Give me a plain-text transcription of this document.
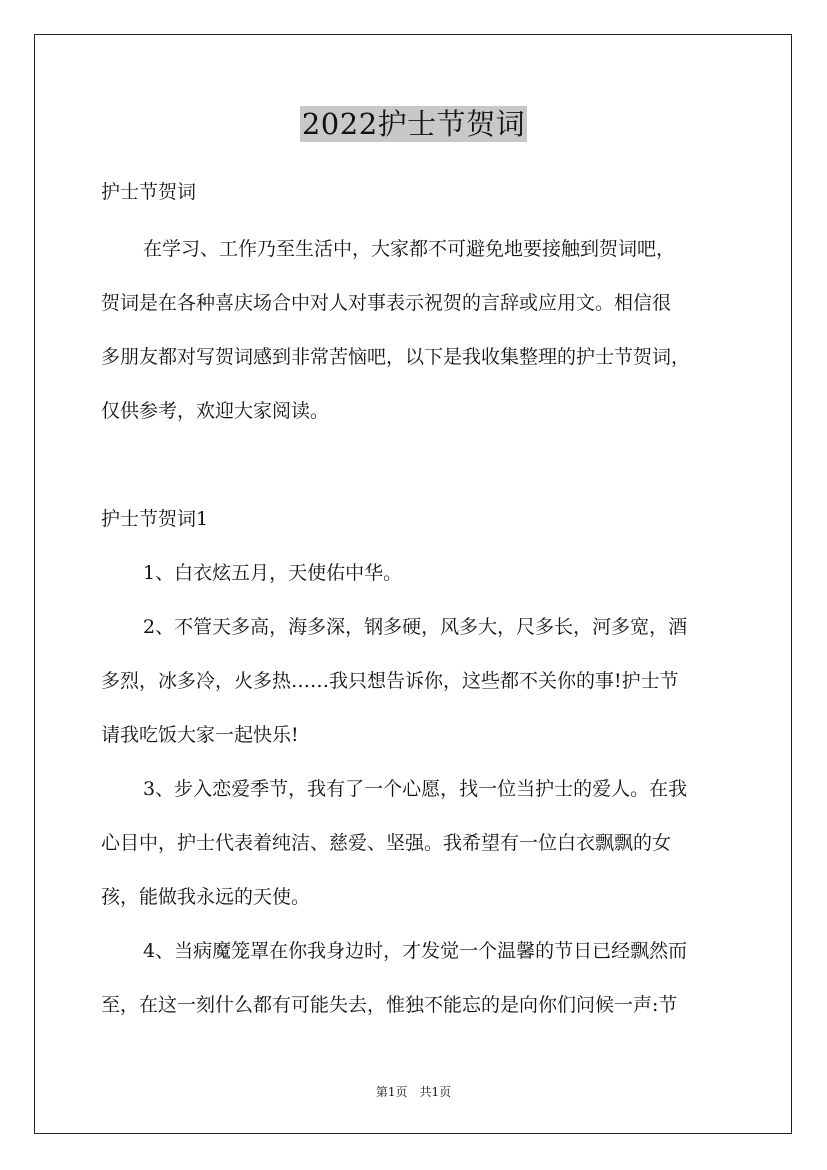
2022护士节贺词
护士节贺词
在学习、工作乃至生活中，大家都不可避免地要接触到贺词吧，
贺词是在各种喜庆场合中对人对事表示祝贺的言辞或应用文。相信很
多朋友都对写贺词感到非常苦恼吧，以下是我收集整理的护士节贺词，
仅供参考，欢迎大家阅读。
护士节贺词1
1、白衣炫五月，天使佑中华。
2、不管天多高，海多深，钢多硬，风多大，尺多长，河多宽，酒
多烈，冰多冷，火多热……我只想告诉你，这些都不关你的事!护士节
请我吃饭大家一起快乐!
3、步入恋爱季节，我有了一个心愿，找一位当护士的爱人。在我
心目中，护士代表着纯洁、慈爱、坚强。我希望有一位白衣飘飘的女
孩，能做我永远的天使。
4、当病魔笼罩在你我身边时，才发觉一个温馨的节日已经飘然而
至，在这一刻什么都有可能失去，惟独不能忘的是向你们问候一声:节
第1页　共1页
